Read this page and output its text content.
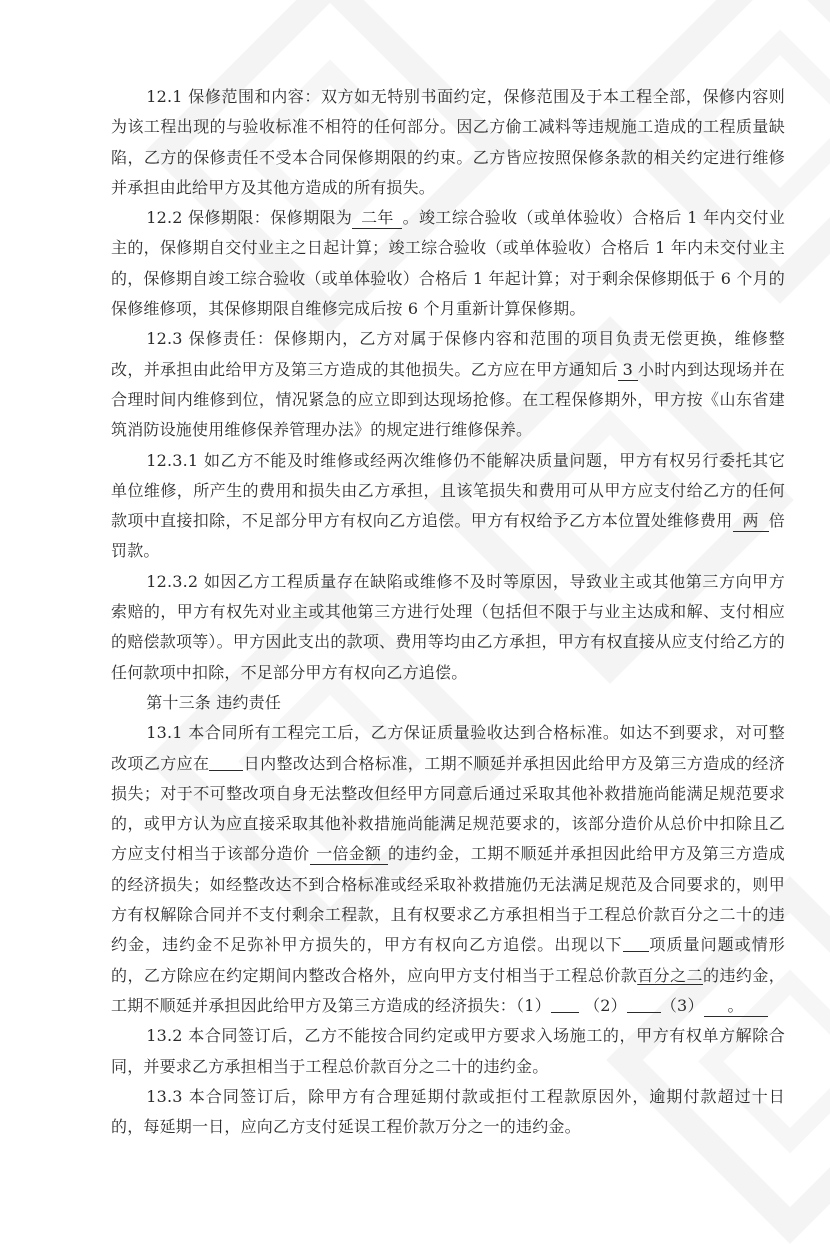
12.1 保修范围和内容：双方如无特别书面约定，保修范围及于本工程全部，保修内容则为该工程出现的与验收标准不相符的任何部分。因乙方偷工减料等违规施工造成的工程质量缺陷，乙方的保修责任不受本合同保修期限的约束。乙方皆应按照保修条款的相关约定进行维修并承担由此给甲方及其他方造成的所有损失。

12.2 保修期限：保修期限为 二年 。竣工综合验收（或单体验收）合格后 1 年内交付业主的，保修期自交付业主之日起计算；竣工综合验收（或单体验收）合格后 1 年内未交付业主的，保修期自竣工综合验收（或单体验收）合格后 1 年起计算；对于剩余保修期低于 6 个月的保修维修项，其保修期限自维修完成后按 6 个月重新计算保修期。

12.3 保修责任：保修期内，乙方对属于保修内容和范围的项目负责无偿更换，维修整改，并承担由此给甲方及第三方造成的其他损失。乙方应在甲方通知后 3 小时内到达现场并在合理时间内维修到位，情况紧急的应立即到达现场抢修。在工程保修期外，甲方按《山东省建筑消防设施使用维修保养管理办法》的规定进行维修保养。

12.3.1 如乙方不能及时维修或经两次维修仍不能解决质量问题，甲方有权另行委托其它单位维修，所产生的费用和损失由乙方承担，且该笔损失和费用可从甲方应支付给乙方的任何款项中直接扣除，不足部分甲方有权向乙方追偿。甲方有权给予乙方本位置处维修费用 两 倍罚款。

12.3.2 如因乙方工程质量存在缺陷或维修不及时等原因，导致业主或其他第三方向甲方索赔的，甲方有权先对业主或其他第三方进行处理（包括但不限于与业主达成和解、支付相应的赔偿款项等）。甲方因此支出的款项、费用等均由乙方承担，甲方有权直接从应支付给乙方的任何款项中扣除，不足部分甲方有权向乙方追偿。

第十三条 违约责任

13.1 本合同所有工程完工后，乙方保证质量验收达到合格标准。如达不到要求，对可整改项乙方应在 日内整改达到合格标准，工期不顺延并承担因此给甲方及第三方造成的经济损失；对于不可整改项自身无法整改但经甲方同意后通过采取其他补救措施尚能满足规范要求的，或甲方认为应直接采取其他补救措施尚能满足规范要求的，该部分造价从总价中扣除且乙方应支付相当于该部分造价 一倍金额 的违约金，工期不顺延并承担因此给甲方及第三方造成的经济损失；如经整改达不到合格标准或经采取补救措施仍无法满足规范及合同要求的，则甲方有权解除合同并不支付剩余工程款，且有权要求乙方承担相当于工程总价款百分之二十的违约金，违约金不足弥补甲方损失的，甲方有权向乙方追偿。出现以下 项质量问题或情形的，乙方除应在约定期间内整改合格外，应向甲方支付相当于工程总价款百分之二的违约金，工期不顺延并承担因此给甲方及第三方造成的经济损失：（1） （2） （3） 。

13.2 本合同签订后，乙方不能按合同约定或甲方要求入场施工的，甲方有权单方解除合同，并要求乙方承担相当于工程总价款百分之二十的违约金。

13.3 本合同签订后，除甲方有合理延期付款或拒付工程款原因外，逾期付款超过十日的，每延期一日，应向乙方支付延误工程价款万分之一的违约金。
